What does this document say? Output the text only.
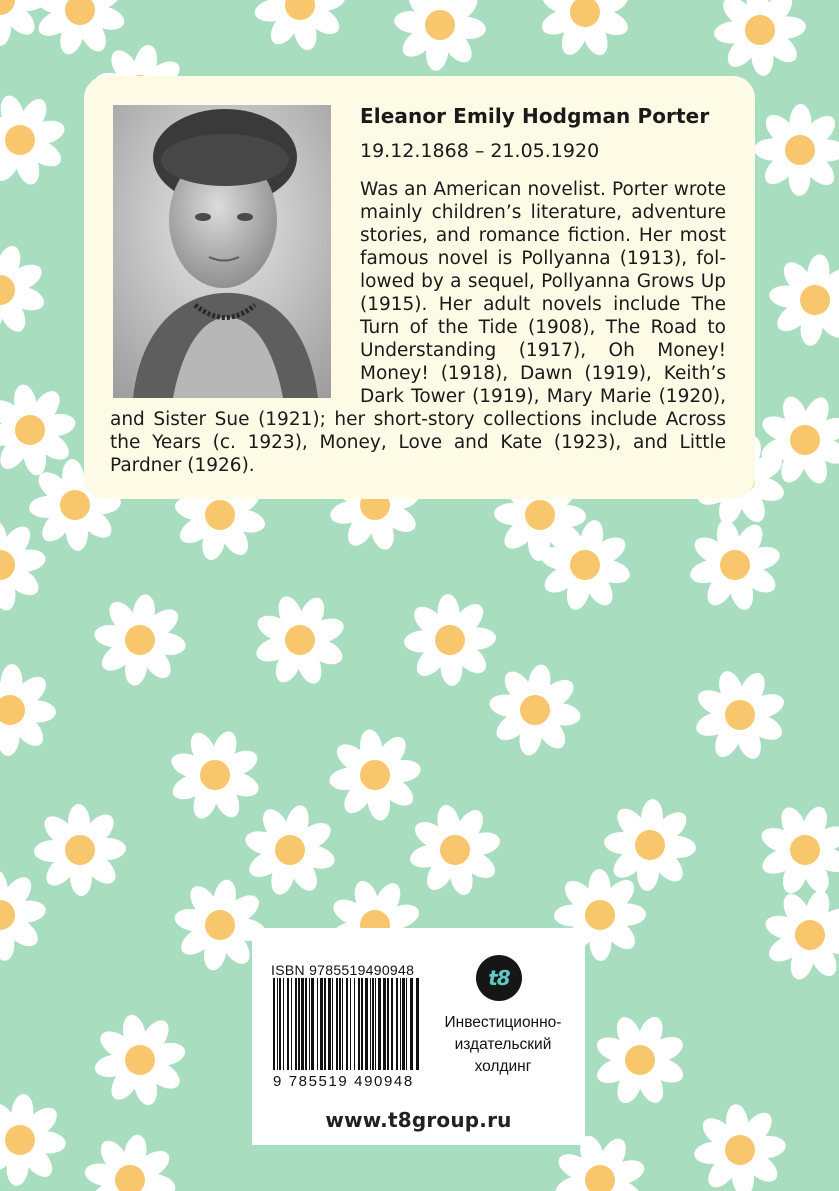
Eleanor Emily Hodgman Porter

19.12.1868 – 21.05.1920

Was an American novelist. Porter wrote mainly children’s literature, adventure stories, and romance fiction. Her most famous novel is Pollyanna (1913), followed by a sequel, Pollyanna Grows Up (1915). Her adult novels include The Turn of the Tide (1908), The Road to Understanding (1917), Oh Money! Money! (1918), Dawn (1919), Keith’s Dark Tower (1919), Mary Marie (1920), and Sister Sue (1921); her short-story collections include Across the Years (c. 1923), Money, Love and Kate (1923), and Little Pardner (1926).

ISBN 9785519490948
9 785519 490948
t8

Инвестиционно-издательский холдинг

www.t8group.ru
